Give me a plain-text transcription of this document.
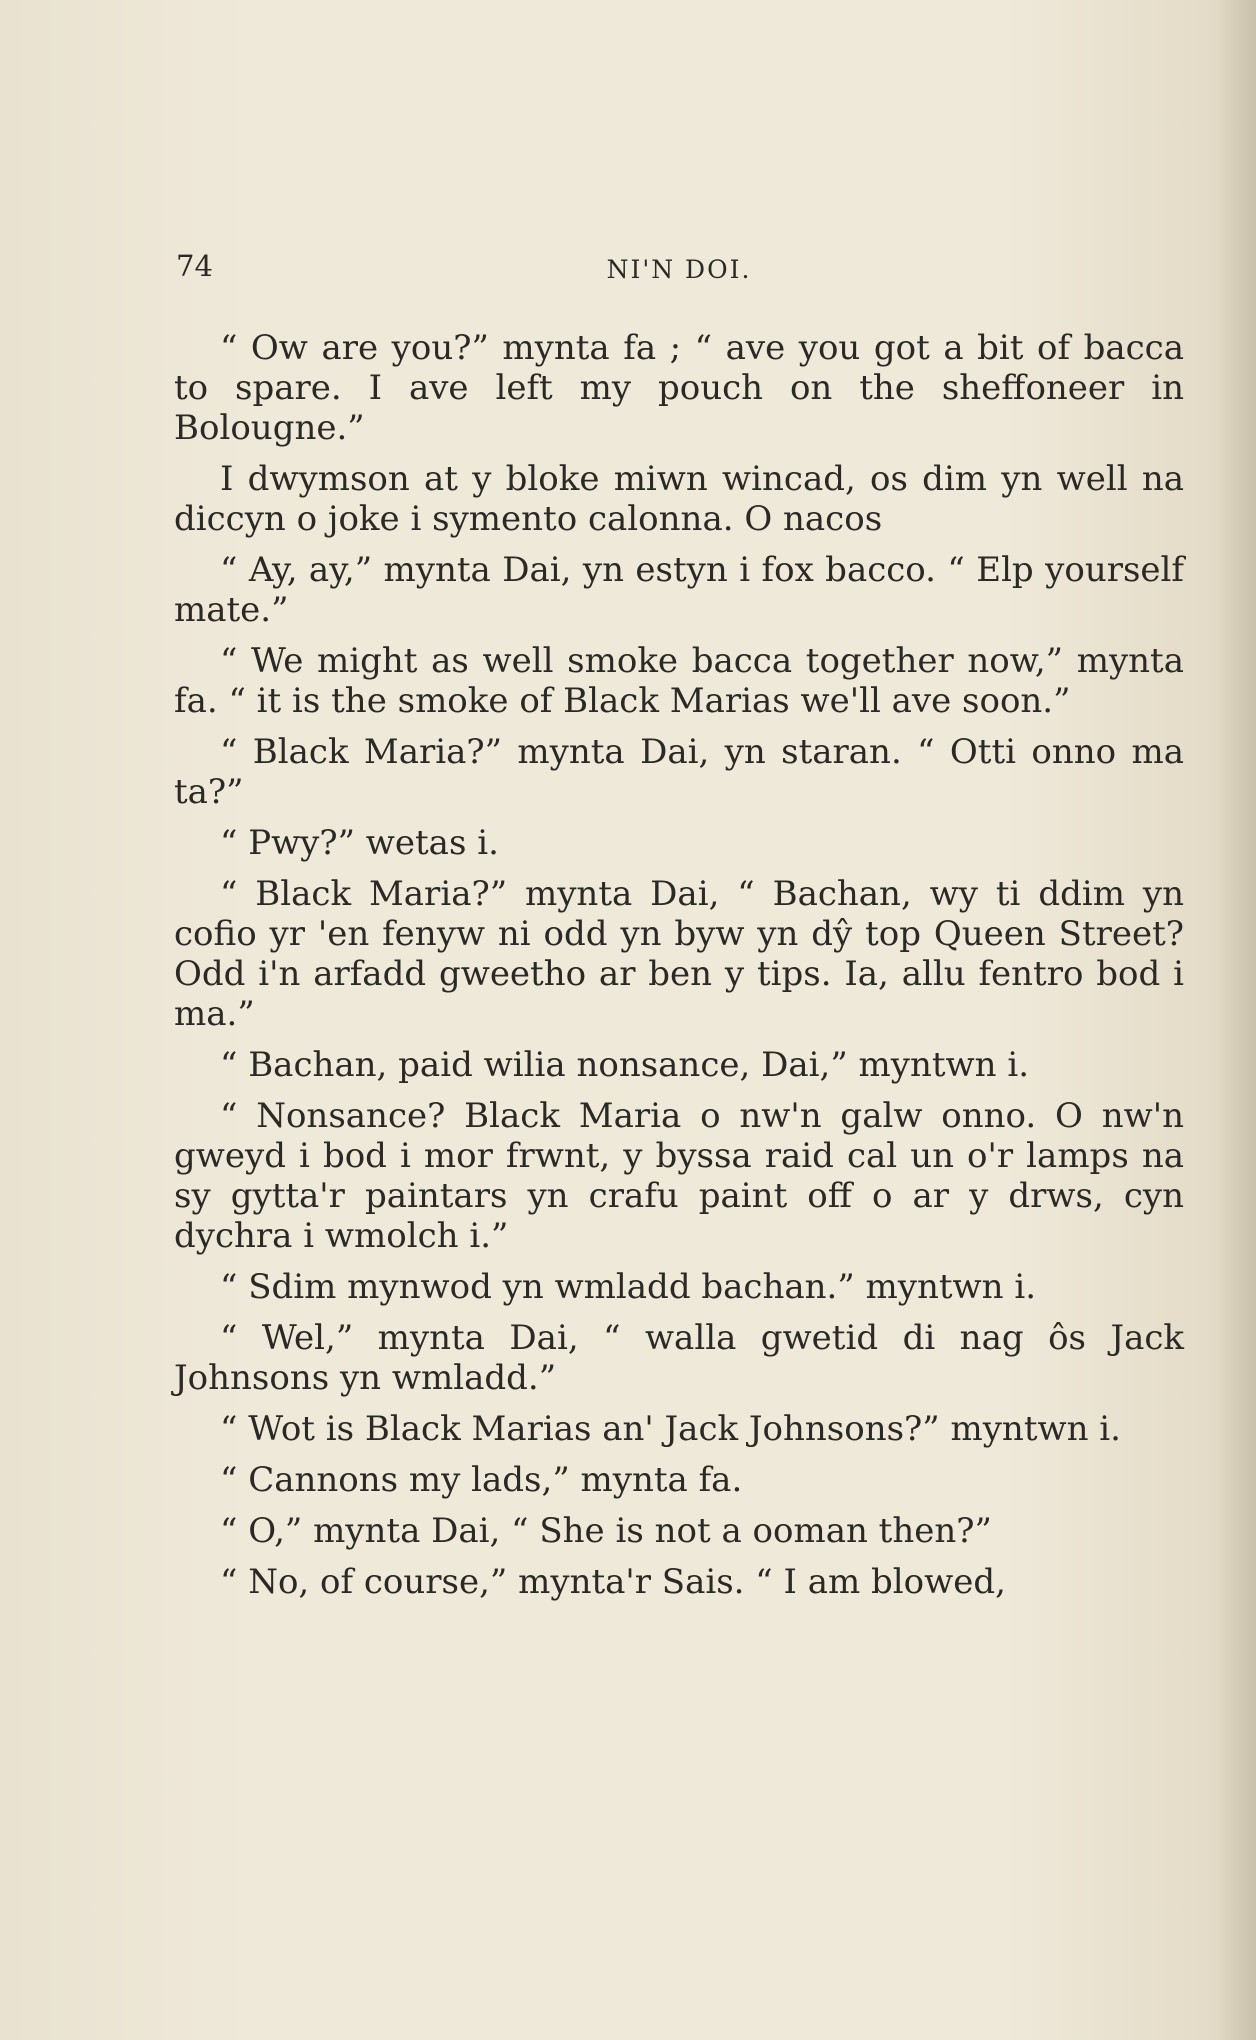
74	NI'N DOI.

“ Ow are you?” mynta fa ; “ ave you got a bit of bacca to spare. I ave left my pouch on the sheffoneer in Bolougne.”

I dwymson at y bloke miwn wincad, os dim yn well na diccyn o joke i symento calonna. O nacos

“ Ay, ay,” mynta Dai, yn estyn i fox bacco. “ Elp yourself mate.”

“ We might as well smoke bacca together now,” mynta fa. “ it is the smoke of Black Marias we'll ave soon.”

“ Black Maria?” mynta Dai, yn staran. “ Otti onno ma ta?”

“ Pwy?” wetas i.

“ Black Maria?” mynta Dai, “ Bachan, wy ti ddim yn cofio yr 'en fenyw ni odd yn byw yn dŷ top Queen Street? Odd i'n arfadd gweetho ar ben y tips. Ia, allu fentro bod i ma.”

“ Bachan, paid wilia nonsance, Dai,” myntwn i.

“ Nonsance? Black Maria o nw'n galw onno. O nw'n gweyd i bod i mor frwnt, y byssa raid cal un o'r lamps na sy gytta'r paintars yn crafu paint off o ar y drws, cyn dychra i wmolch i.”

“ Sdim mynwod yn wmladd bachan.” myntwn i.

“ Wel,” mynta Dai, “ walla gwetid di nag ôs Jack Johnsons yn wmladd.”

“ Wot is Black Marias an' Jack Johnsons?” myntwn i.

“ Cannons my lads,” mynta fa.

“ O,” mynta Dai, “ She is not a ooman then?”

“ No, of course,” mynta'r Sais. “ I am blowed,
